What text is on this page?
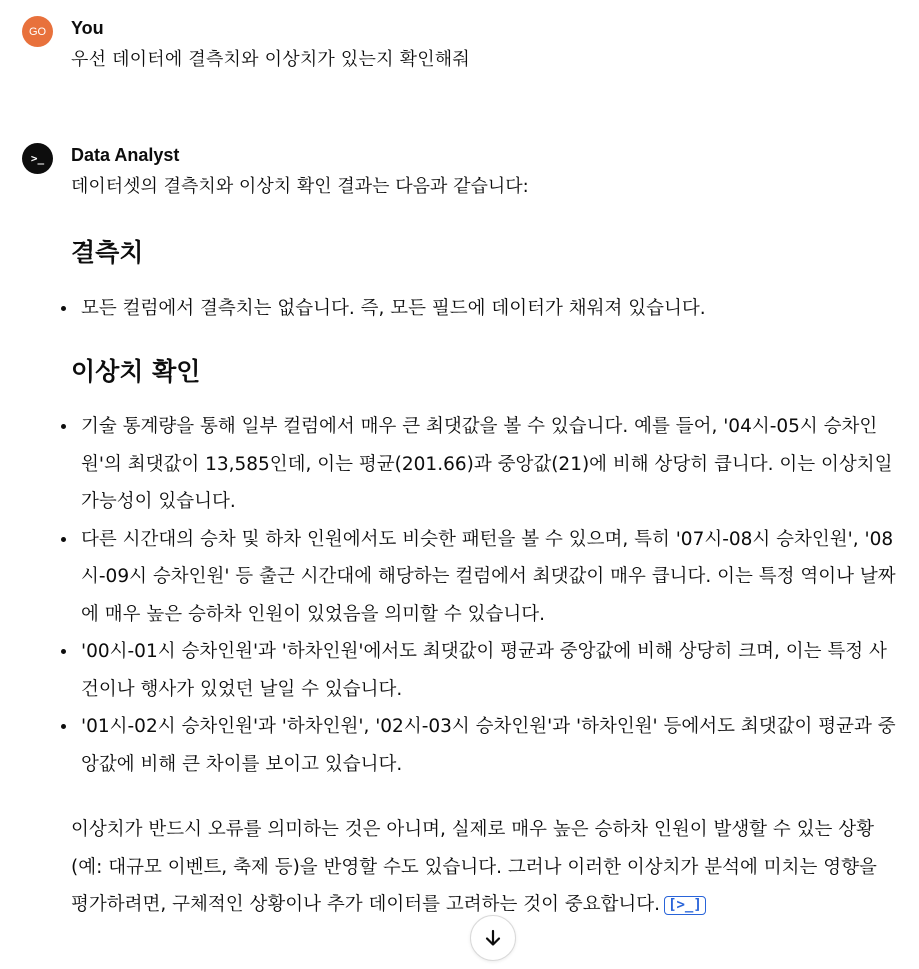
GO	You
우선 데이터에 결측치와 이상치가 있는지 확인해줘
>_	Data Analyst
데이터셋의 결측치와 이상치 확인 결과는 다음과 같습니다:
결측치
모든 컬럼에서 결측치는 없습니다. 즉, 모든 필드에 데이터가 채워져 있습니다.
이상치 확인
기술 통계량을 통해 일부 컬럼에서 매우 큰 최댓값을 볼 수 있습니다. 예를 들어, '04시-05시 승차인원'의 최댓값이 13,585인데, 이는 평균(201.66)과 중앙값(21)에 비해 상당히 큽니다. 이는 이상치일 가능성이 있습니다.
다른 시간대의 승차 및 하차 인원에서도 비슷한 패턴을 볼 수 있으며, 특히 '07시-08시 승차인원', '08시-09시 승차인원' 등 출근 시간대에 해당하는 컬럼에서 최댓값이 매우 큽니다. 이는 특정 역이나 날짜에 매우 높은 승하차 인원이 있었음을 의미할 수 있습니다.
'00시-01시 승차인원'과 '하차인원'에서도 최댓값이 평균과 중앙값에 비해 상당히 크며, 이는 특정 사건이나 행사가 있었던 날일 수 있습니다.
'01시-02시 승차인원'과 '하차인원', '02시-03시 승차인원'과 '하차인원' 등에서도 최댓값이 평균과 중앙값에 비해 큰 차이를 보이고 있습니다.
이상치가 반드시 오류를 의미하는 것은 아니며, 실제로 매우 높은 승하차 인원이 발생할 수 있는 상황(예: 대규모 이벤트, 축제 등)을 반영할 수도 있습니다. 그러나 이러한 이상치가 분석에 미치는 영향을 평가하려면, 구체적인 상황이나 추가 데이터를 고려하는 것이 중요합니다. [>_]
